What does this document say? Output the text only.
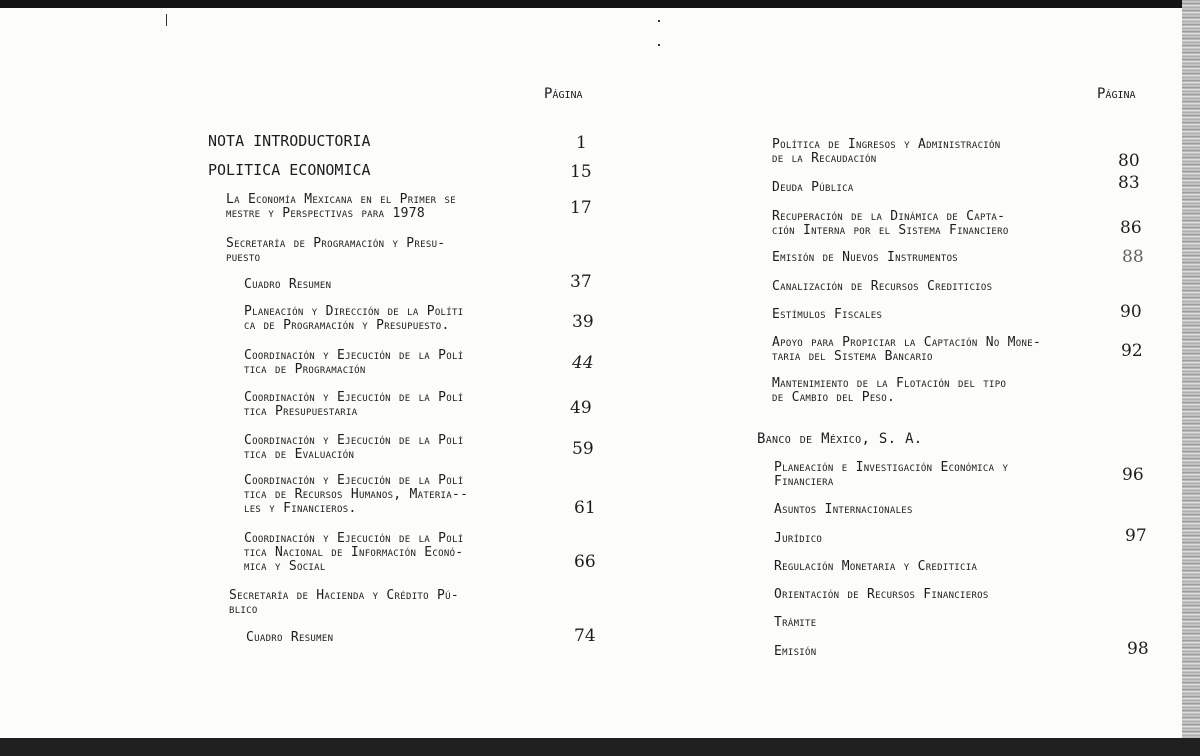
Página
NOTA INTRODUCTORIA	1
POLITICA ECONOMICA	15
La Economía Mexicana en el Primer se
mestre y Perspectivas para 1978	17
Secretaría de Programación y Presu-
puesto
Cuadro Resumen	37
Planeación y Dirección de la Políti
ca de Programación y Presupuesto.	39
Coordinación y Ejecución de la Polí
tica de Programación	44
Coordinación y Ejecución de la Polí
tica Presupuestaria	49
Coordinación y Ejecución de la Polí
tica de Evaluación	59
Coordinación y Ejecución de la Polí
tica de Recursos Humanos, Materia--
les y Financieros.	61
Coordinación y Ejecución de la Polí
tica Nacional de Información Econó-
mica y Social	66
Secretaría de Hacienda y Crédito Pú-
blico
Cuadro Resumen	74
Página
Política de Ingresos y Administración
de la Recaudación	80
Deuda Pública	83
Recuperación de la Dinámica de Capta-
ción Interna por el Sistema Financiero	86
Emisión de Nuevos Instrumentos	88
Canalización de Recursos Crediticios
Estímulos Fiscales	90
Apoyo para Propiciar la Captación No Mone-
taria del Sistema Bancario	92
Mantenimiento de la Flotación del tipo
de Cambio del Peso.
Banco de México, S. A.
Planeación e Investigación Económica y
Financiera	96
Asuntos Internacionales
Jurídico	97
Regulación Monetaria y Crediticia
Orientación de Recursos Financieros
Trámite
Emisión	98
